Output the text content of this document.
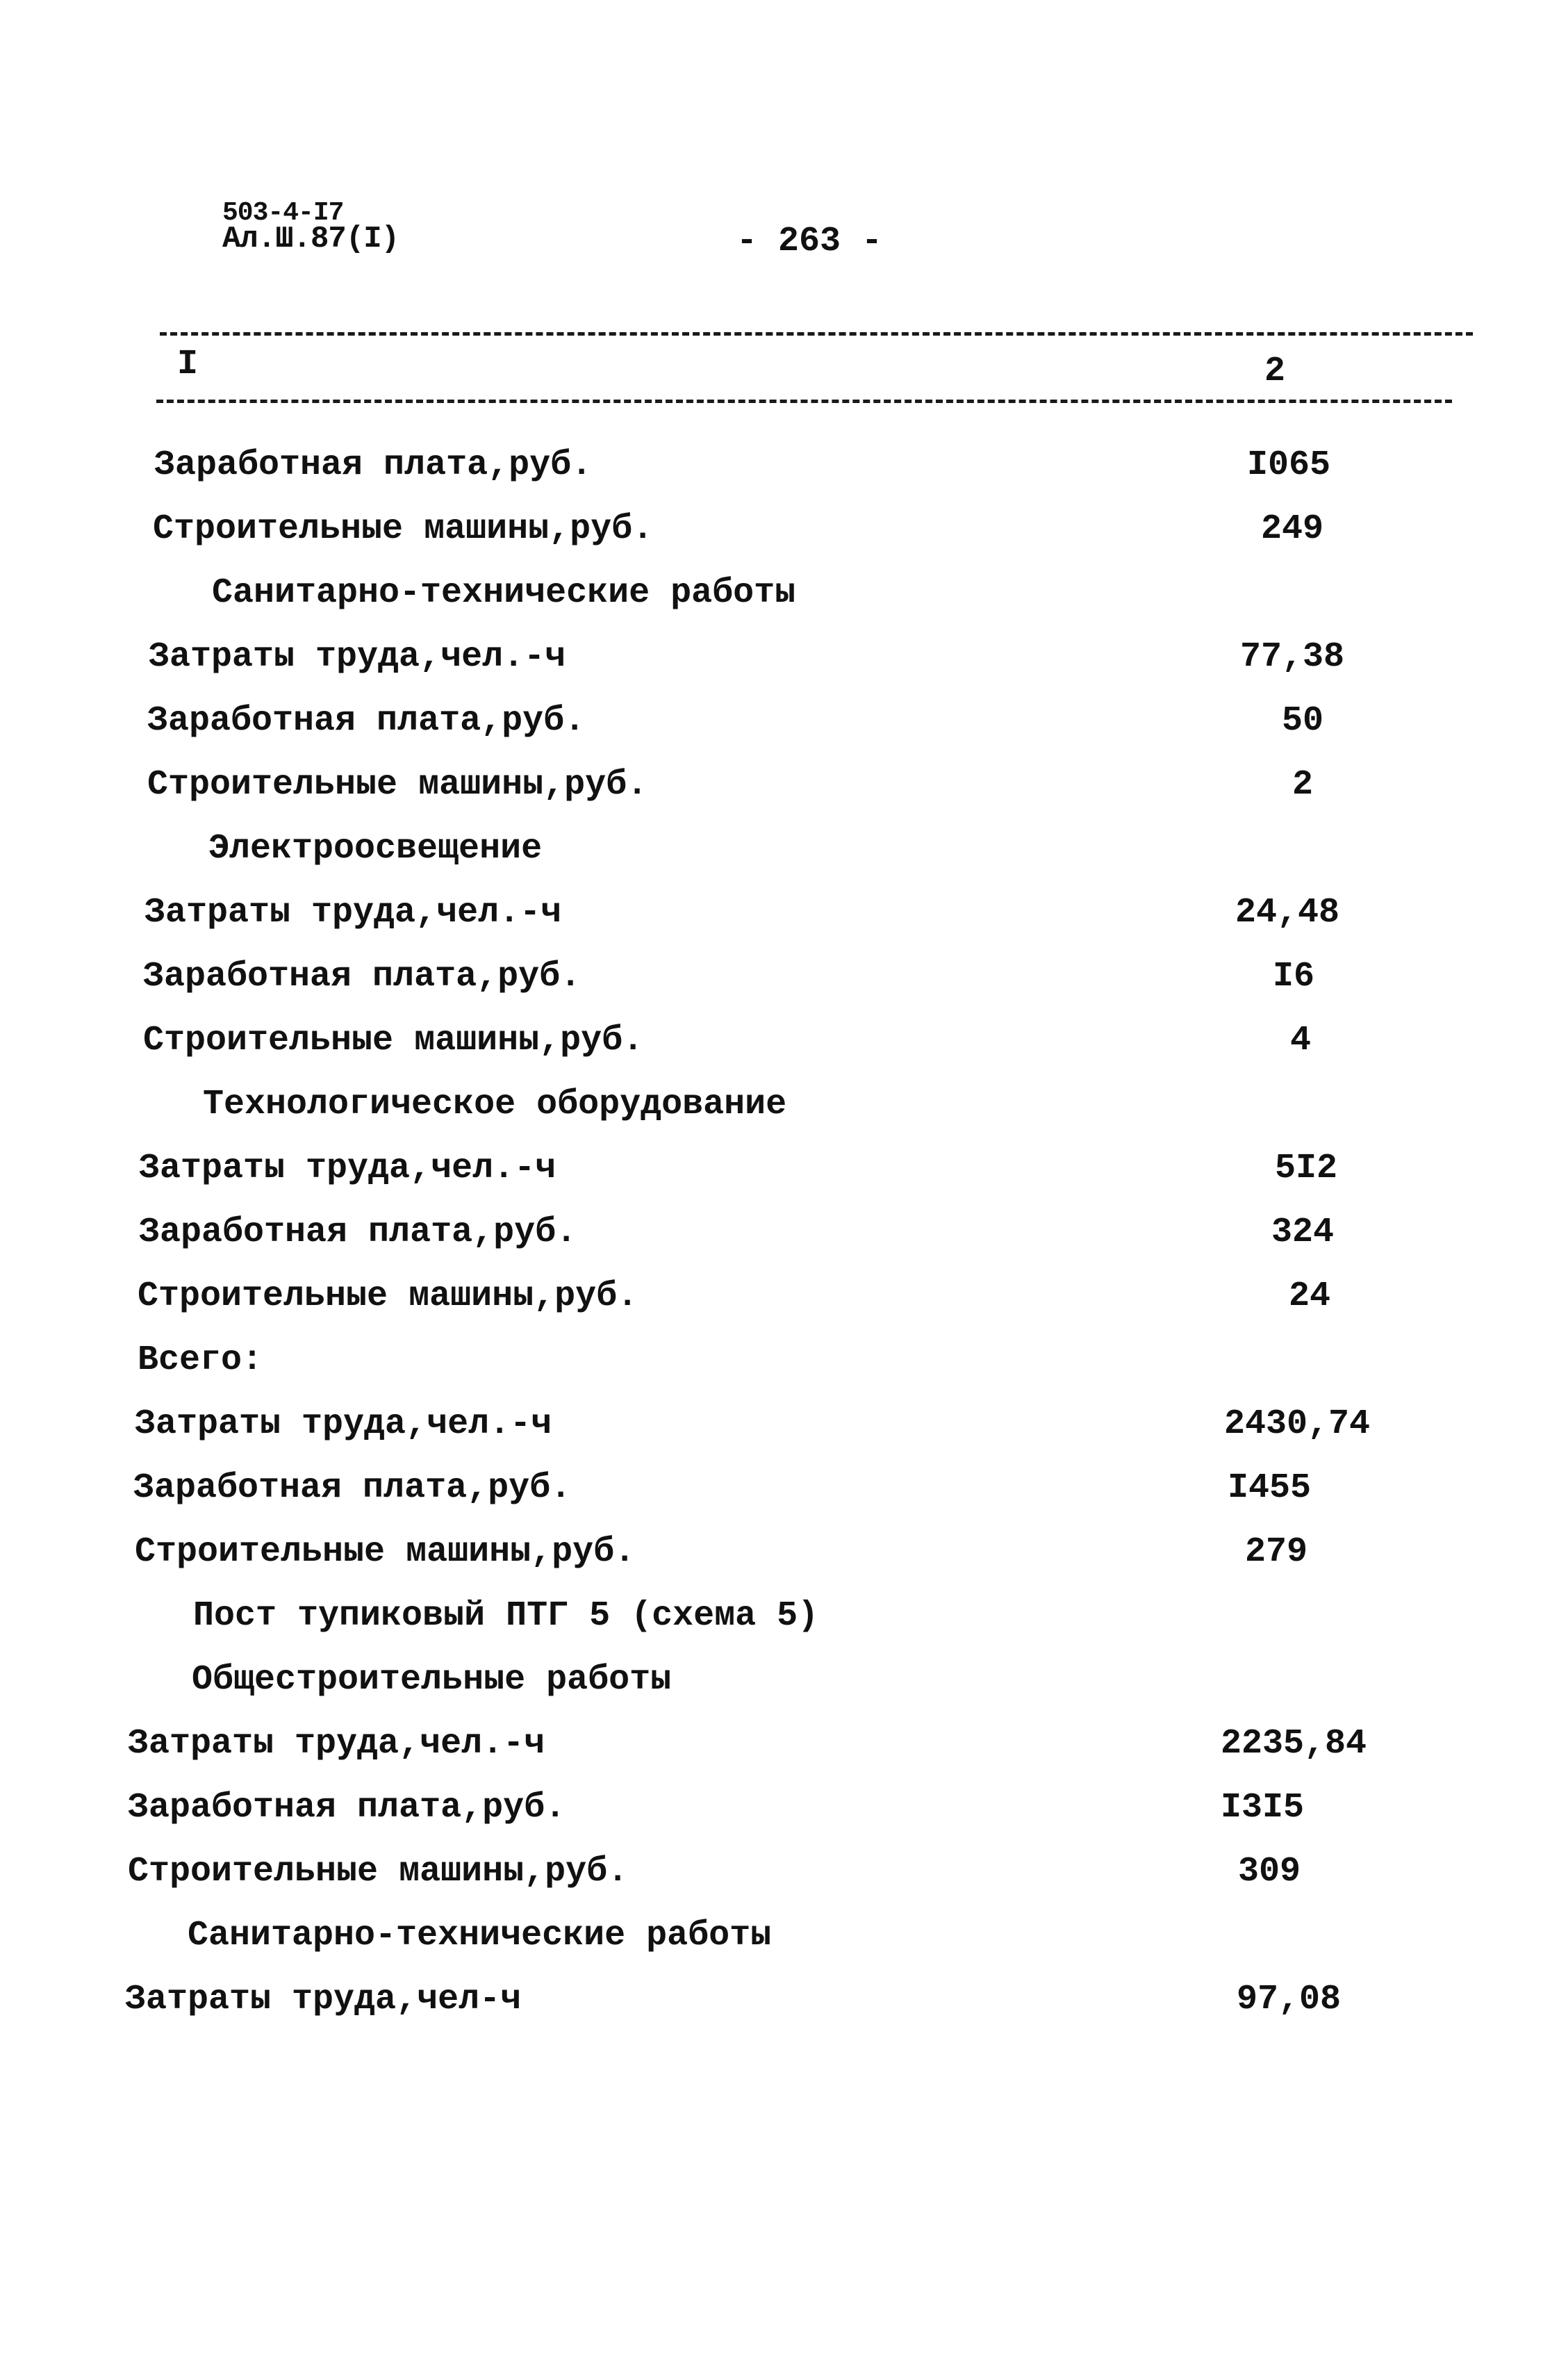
503-4-I7
Ал.Ш.87(I)	- 263 -
I	2
Заработная плата,руб.	I065
Строительные машины,руб.	249
Санитарно-технические работы
Затраты труда,чел.-ч	77,38
Заработная плата,руб.	50
Строительные машины,руб.	2
Электроосвещение
Затраты труда,чел.-ч	24,48
Заработная плата,руб.	I6
Строительные машины,руб.	4
Технологическое оборудование
Затраты труда,чел.-ч	5I2
Заработная плата,руб.	324
Строительные машины,руб.	24
Всего:
Затраты труда,чел.-ч	2430,74
Заработная плата,руб.	I455
Строительные машины,руб.	279
Пост тупиковый ПТГ 5 (схема 5)
Общестроительные работы
Затраты труда,чел.-ч	2235,84
Заработная плата,руб.	I3I5
Строительные машины,руб.	309
Санитарно-технические работы
Затраты труда,чел-ч	97,08
